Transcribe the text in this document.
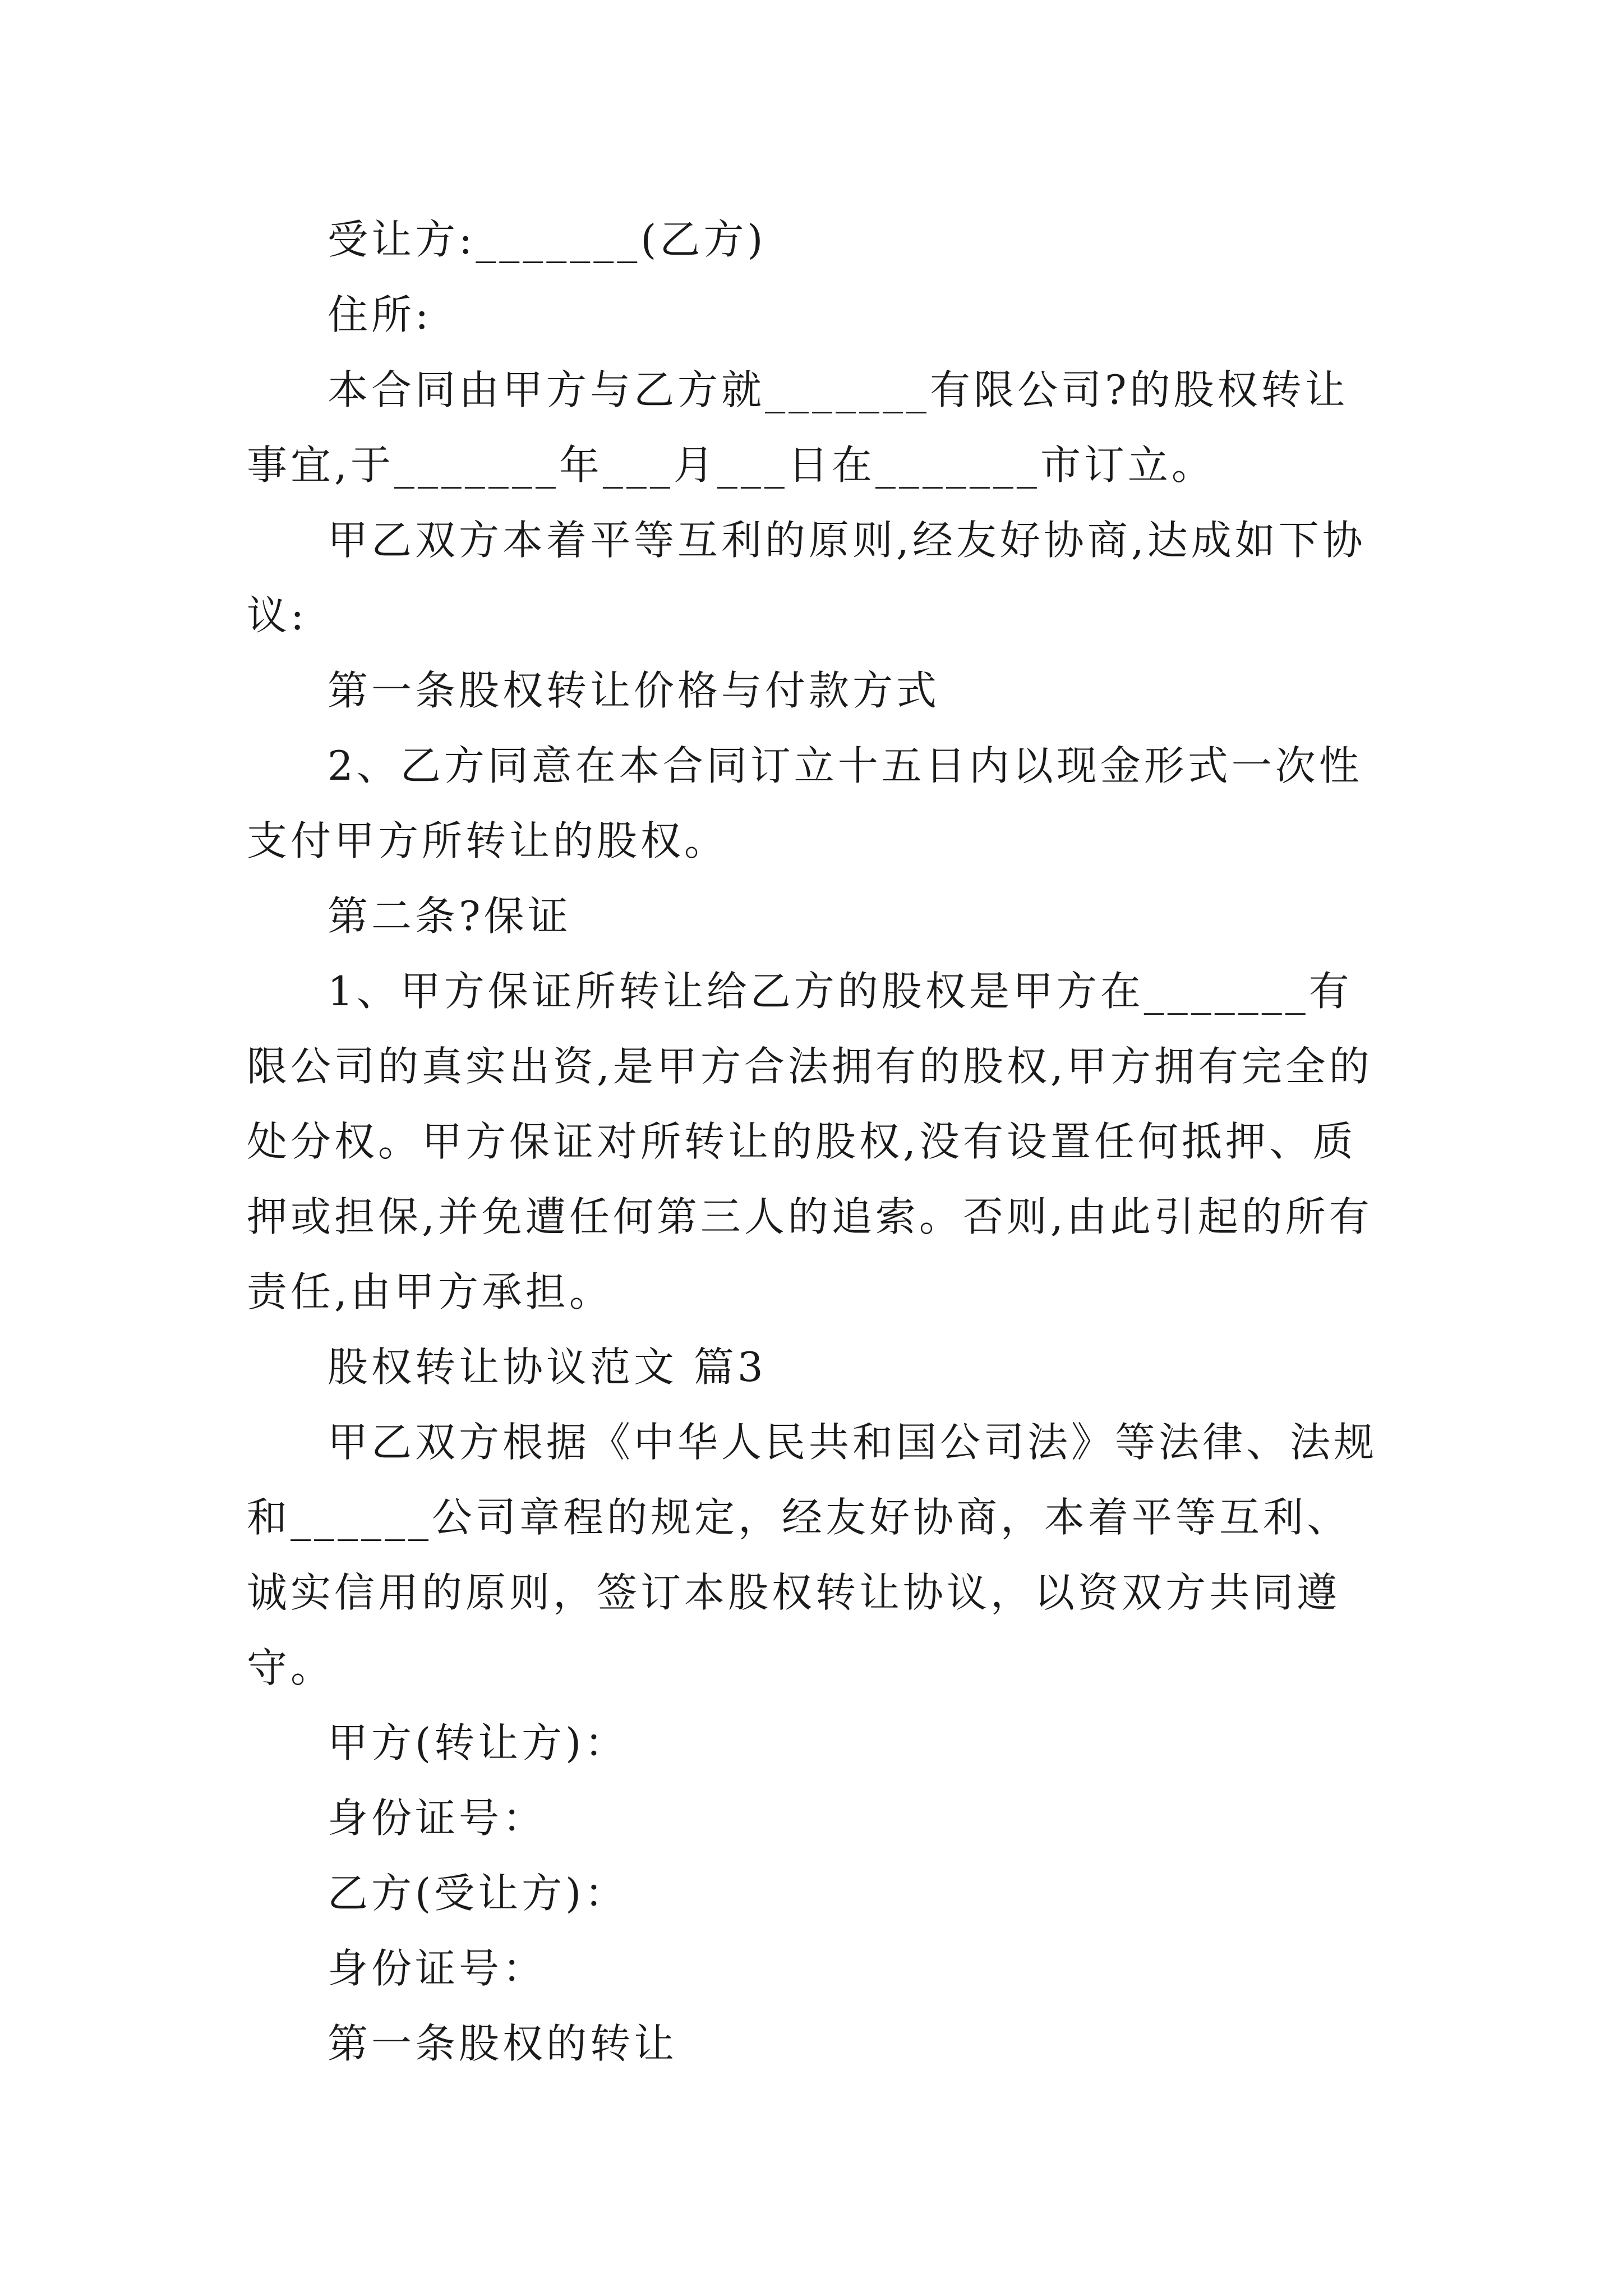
受让方:_______(乙方)

住所:

本合同由甲方与乙方就_______有限公司?的股权转让事宜,于_______年___月___日在_______市订立。

甲乙双方本着平等互利的原则,经友好协商,达成如下协议:

第一条股权转让价格与付款方式

2、乙方同意在本合同订立十五日内以现金形式一次性支付甲方所转让的股权。

第二条?保证

1、甲方保证所转让给乙方的股权是甲方在_______有限公司的真实出资,是甲方合法拥有的股权,甲方拥有完全的处分权。甲方保证对所转让的股权,没有设置任何抵押、质押或担保,并免遭任何第三人的追索。否则,由此引起的所有责任,由甲方承担。

股权转让协议范文 篇3

甲乙双方根据《中华人民共和国公司法》等法律、法规和______公司章程的规定，经友好协商，本着平等互利、诚实信用的原则，签订本股权转让协议，以资双方共同遵守。

甲方(转让方)：

身份证号：

乙方(受让方)：

身份证号：

第一条股权的转让
